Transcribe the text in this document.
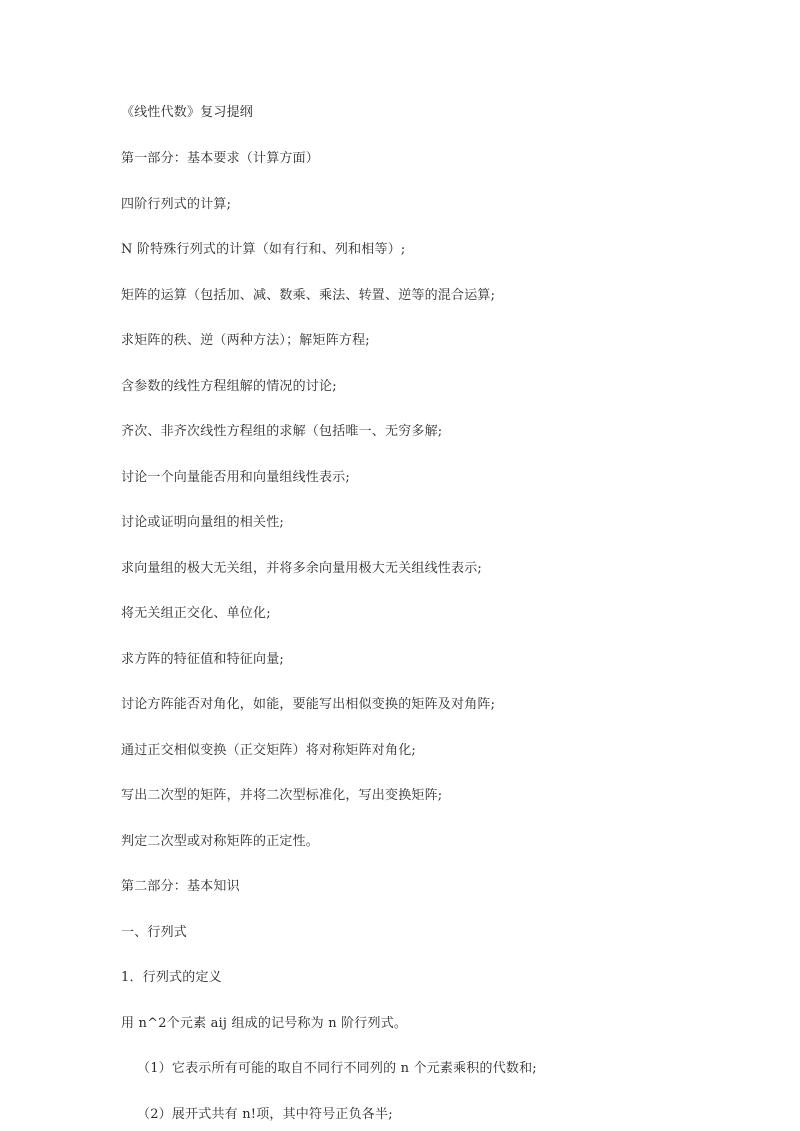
《线性代数》复习提纲
第一部分：基本要求（计算方面）
四阶行列式的计算;
N 阶特殊行列式的计算（如有行和、列和相等）;
矩阵的运算（包括加、减、数乘、乘法、转置、逆等的混合运算;
求矩阵的秩、逆（两种方法）；解矩阵方程;
含参数的线性方程组解的情况的讨论;
齐次、非齐次线性方程组的求解（包括唯一、无穷多解;
讨论一个向量能否用和向量组线性表示;
讨论或证明向量组的相关性;
求向量组的极大无关组，并将多余向量用极大无关组线性表示;
将无关组正交化、单位化;
求方阵的特征值和特征向量;
讨论方阵能否对角化，如能，要能写出相似变换的矩阵及对角阵;
通过正交相似变换（正交矩阵）将对称矩阵对角化;
写出二次型的矩阵，并将二次型标准化，写出变换矩阵;
判定二次型或对称矩阵的正定性。
第二部分：基本知识
一、行列式
1．行列式的定义
用 n^2个元素 aij 组成的记号称为 n 阶行列式。
（1）它表示所有可能的取自不同行不同列的 n 个元素乘积的代数和;
（2）展开式共有 n!项，其中符号正负各半;
